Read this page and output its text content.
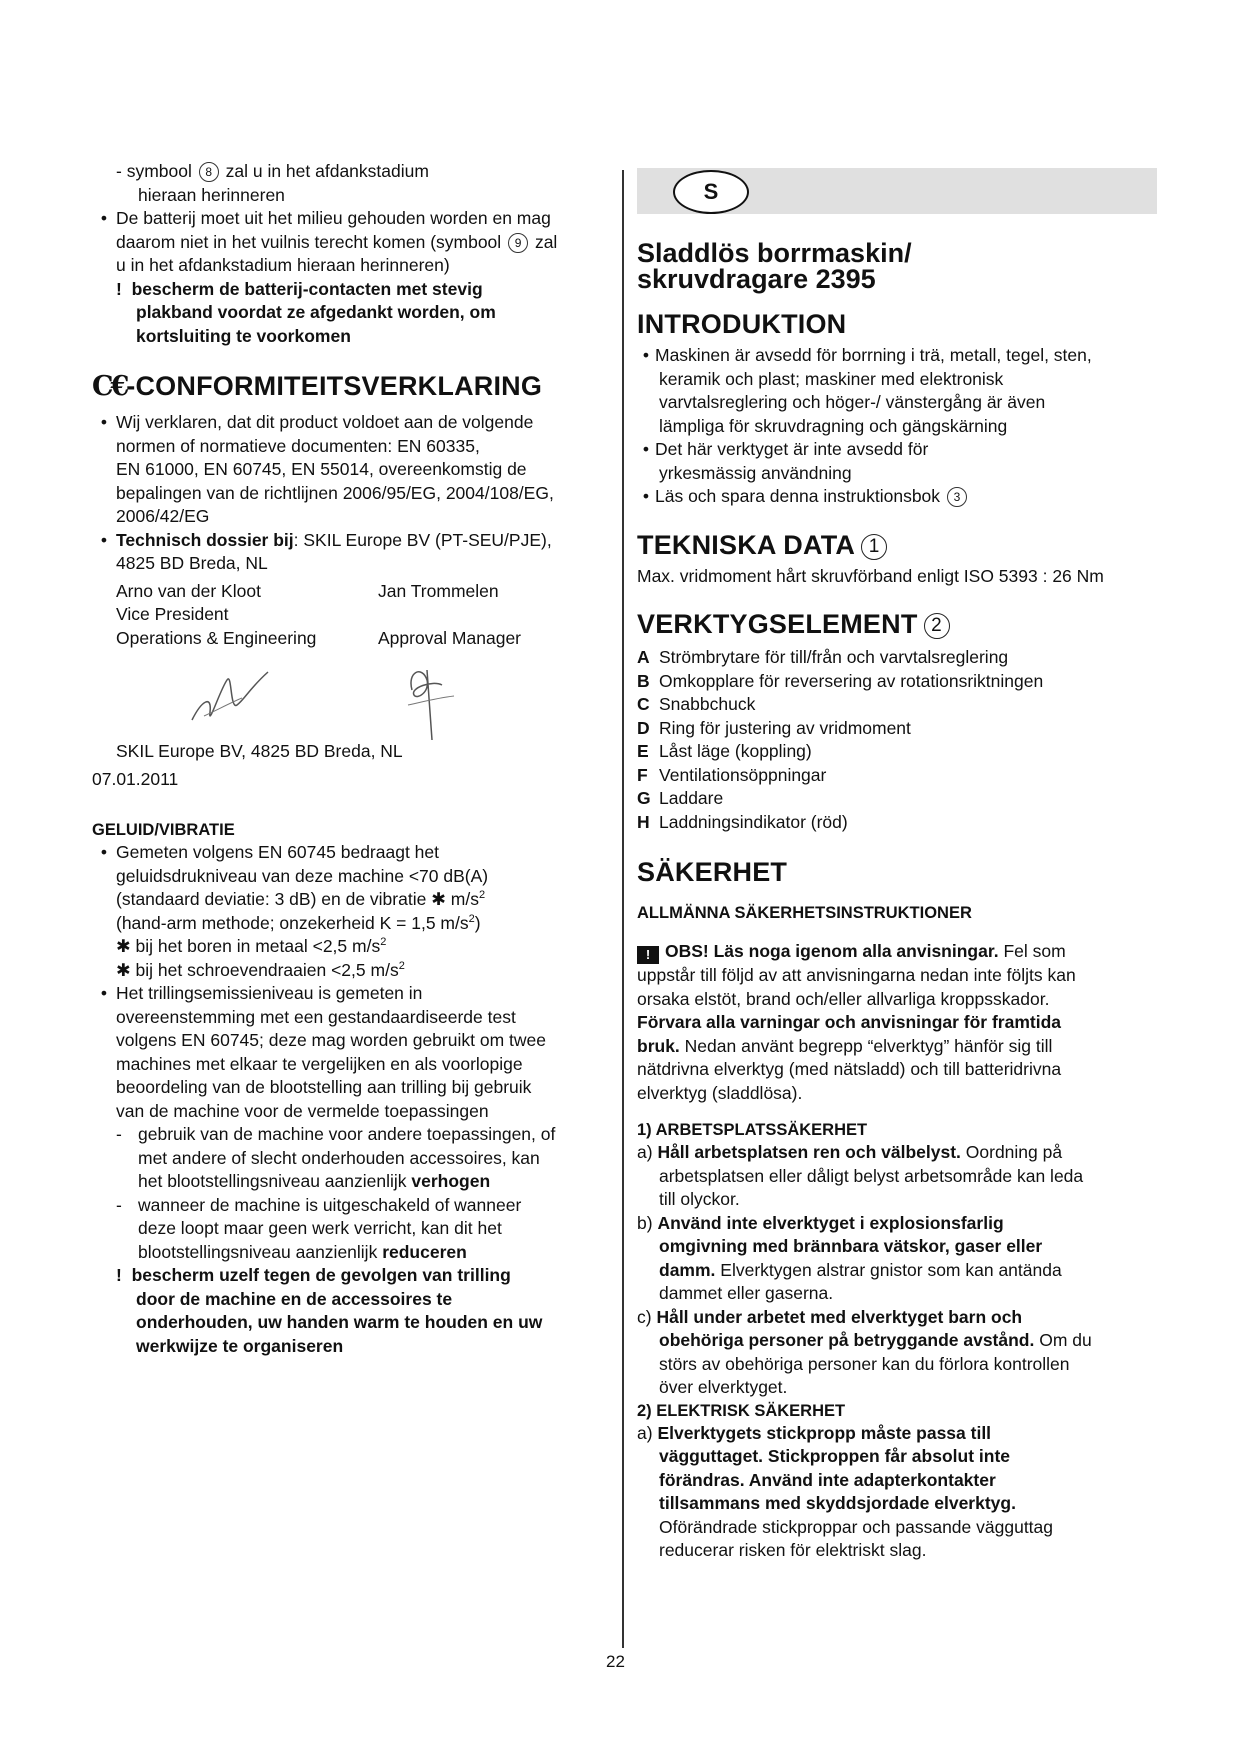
- symbool 8 zal u in het afdankstadium
hieraan herinneren
• De batterij moet uit het milieu gehouden worden en mag
daarom niet in het vuilnis terecht komen (symbool 9 zal
u in het afdankstadium hieraan herinneren)
!  bescherm de batterij-contacten met stevig
plakband voordat ze afgedankt worden, om
kortsluiting te voorkomen
C€-CONFORMITEITSVERKLARING
• Wij verklaren, dat dit product voldoet aan de volgende
normen of normatieve documenten: EN 60335,
EN 61000, EN 60745, EN 55014, overeenkomstig de
bepalingen van de richtlijnen 2006/95/EG, 2004/108/EG,
2006/42/EG
• Technisch dossier bij: SKIL Europe BV (PT-SEU/PJE),
4825 BD Breda, NL
Arno van der Kloot	Jan Trommelen
Vice President
Operations & Engineering	Approval Manager
SKIL Europe BV, 4825 BD Breda, NL
07.01.2011
GELUID/VIBRATIE
• Gemeten volgens EN 60745 bedraagt het
geluidsdrukniveau van deze machine <70 dB(A)
(standaard deviatie: 3 dB) en de vibratie ✱ $m/s^2$
(hand-arm methode; onzekerheid K = 1,5 $m/s^2$)
✱ bij het boren in metaal <2,5 $m/s^2$
✱ bij het schroevendraaien <2,5 $m/s^2$
• Het trillingsemissieniveau is gemeten in
overeenstemming met een gestandaardiseerde test
volgens EN 60745; deze mag worden gebruikt om twee
machines met elkaar te vergelijken en als voorlopige
beoordeling van de blootstelling aan trilling bij gebruik
van de machine voor de vermelde toepassingen
- gebruik van de machine voor andere toepassingen, of
met andere of slecht onderhouden accessoires, kan
het blootstellingsniveau aanzienlijk verhogen
- wanneer de machine is uitgeschakeld of wanneer
deze loopt maar geen werk verricht, kan dit het
blootstellingsniveau aanzienlijk reduceren
!  bescherm uzelf tegen de gevolgen van trilling
door de machine en de accessoires te
onderhouden, uw handen warm te houden en uw
werkwijze te organiseren
S
Sladdlös borrmaskin/
skruvdragare 2395
INTRODUKTION
• Maskinen är avsedd för borrning i trä, metall, tegel, sten,
keramik och plast; maskiner med elektronisk
varvtalsreglering och höger-/ vänstergång är även
lämpliga för skruvdragning och gängskärning
• Det här verktyget är inte avsedd för
yrkesmässig användning
• Läs och spara denna instruktionsbok 3
TEKNISKA DATA 1
Max. vridmoment hårt skruvförband enligt ISO 5393 : 26 Nm
VERKTYGSELEMENT 2
A Strömbrytare för till/från och varvtalsreglering
B Omkopplare för reversering av rotationsriktningen
C Snabbchuck
D Ring för justering av vridmoment
E Låst läge (koppling)
F Ventilationsöppningar
G Laddare
H Laddningsindikator (röd)
SÄKERHET
ALLMÄNNA SÄKERHETSINSTRUKTIONER
! OBS! Läs noga igenom alla anvisningar. Fel som
uppstår till följd av att anvisningarna nedan inte följts kan
orsaka elstöt, brand och/eller allvarliga kroppsskador.
Förvara alla varningar och anvisningar för framtida
bruk. Nedan använt begrepp “elverktyg” hänför sig till
nätdrivna elverktyg (med nätsladd) och till batteridrivna
elverktyg (sladdlösa).
1) ARBETSPLATSSÄKERHET
a) Håll arbetsplatsen ren och välbelyst. Oordning på
arbetsplatsen eller dåligt belyst arbetsområde kan leda
till olyckor.
b) Använd inte elverktyget i explosionsfarlig
omgivning med brännbara vätskor, gaser eller
damm. Elverktygen alstrar gnistor som kan antända
dammet eller gaserna.
c) Håll under arbetet med elverktyget barn och
obehöriga personer på betryggande avstånd. Om du
störs av obehöriga personer kan du förlora kontrollen
över elverktyget.
2) ELEKTRISK SÄKERHET
a) Elverktygets stickpropp måste passa till
vägguttaget. Stickproppen får absolut inte
förändras. Använd inte adapterkontakter
tillsammans med skyddsjordade elverktyg.
Oförändrade stickproppar och passande vägguttag
reducerar risken för elektriskt slag.
22
